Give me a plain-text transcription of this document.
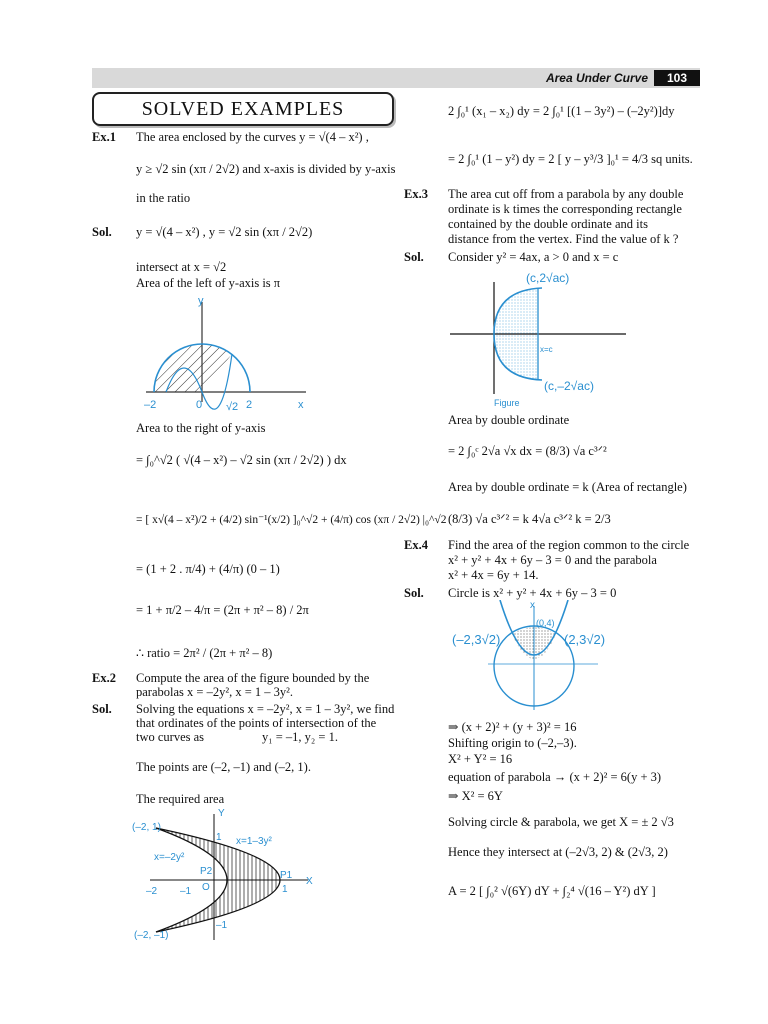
Area Under Curve	103
SOLVED EXAMPLES
Ex.1 The area enclosed by the curves y = √(4 – x²) ,
y ≥ √2 sin (xπ / 2√2) and x-axis is divided by y-axis
in the ratio
Sol. y = √(4 – x²) , y = √2 sin (xπ / 2√2)
intersect at x = √2
Area of the left of y-axis is π
y
–2	0 √2 2	x
Area to the right of y-axis
= ∫₀^√2 ( √(4 – x²) – √2 sin (xπ / 2√2) ) dx
= [ x√(4 – x²)/2 + (4/2) sin⁻¹(x/2) ]₀^√2 + (4/π) cos (xπ / 2√2) |₀^√2
= (1 + 2 . π/4) + (4/π) (0 – 1)
= 1 + π/2 – 4/π = (2π + π² – 8) / 2π
∴ ratio = 2π² / (2π + π² – 8)
Ex.2 Compute the area of the figure bounded by the
parabolas x = –2y², x = 1 – 3y².
Sol. Solving the equations x = –2y², x = 1 – 3y², we find
that ordinates of the points of intersection of the
two curves as	y₁ = –1, y₂ = 1.
The points are (–2, –1) and (–2, 1).
The required area
Y
(–2, 1)
1 x=1–3y²
x=–2y²
P2	P1
X
–2 –1 O	1
–1
(–2, –1)
2 ∫₀¹ (x₁ – x₂) dy = 2 ∫₀¹ [(1 – 3y²) – (–2y²)]dy
= 2 ∫₀¹ (1 – y²) dy = 2 [ y – y³/3 ]₀¹ = 4/3 sq units.
Ex.3 The area cut off from a parabola by any double
ordinate is k times the corresponding rectangle
contained by the double ordinate and its
distance from the vertex. Find the value of k ?
Sol. Consider y² = 4ax, a > 0 and x = c
(c,2√ac)
x=c
(c,–2√ac)
Figure
Area by double ordinate
= 2 ∫₀ᶜ 2√a √x dx = (8/3) √a c³ᐟ²
Area by double ordinate = k (Area of rectangle)
(8/3) √a c³ᐟ² = k 4√a c³ᐟ² k = 2/3
Ex.4 Find the area of the region common to the circle
x² + y² + 4x + 6y – 3 = 0 and the parabola
x² + 4x = 6y + 14.
Sol. Circle is x² + y² + 4x + 6y – 3 = 0
x
(0,4)
(–2,3√2)	(2,3√2)
⇒ (x + 2)² + (y + 3)² = 16
Shifting origin to (–2,–3).
X² + Y² = 16
equation of parabola → (x + 2)² = 6(y + 3)
⇒ X² = 6Y
Solving circle & parabola, we get X = ± 2 √3
Hence they intersect at (–2√3, 2) & (2√3, 2)
A = 2 [ ∫₀² √(6Y) dY + ∫₂⁴ √(16 – Y²) dY ]
